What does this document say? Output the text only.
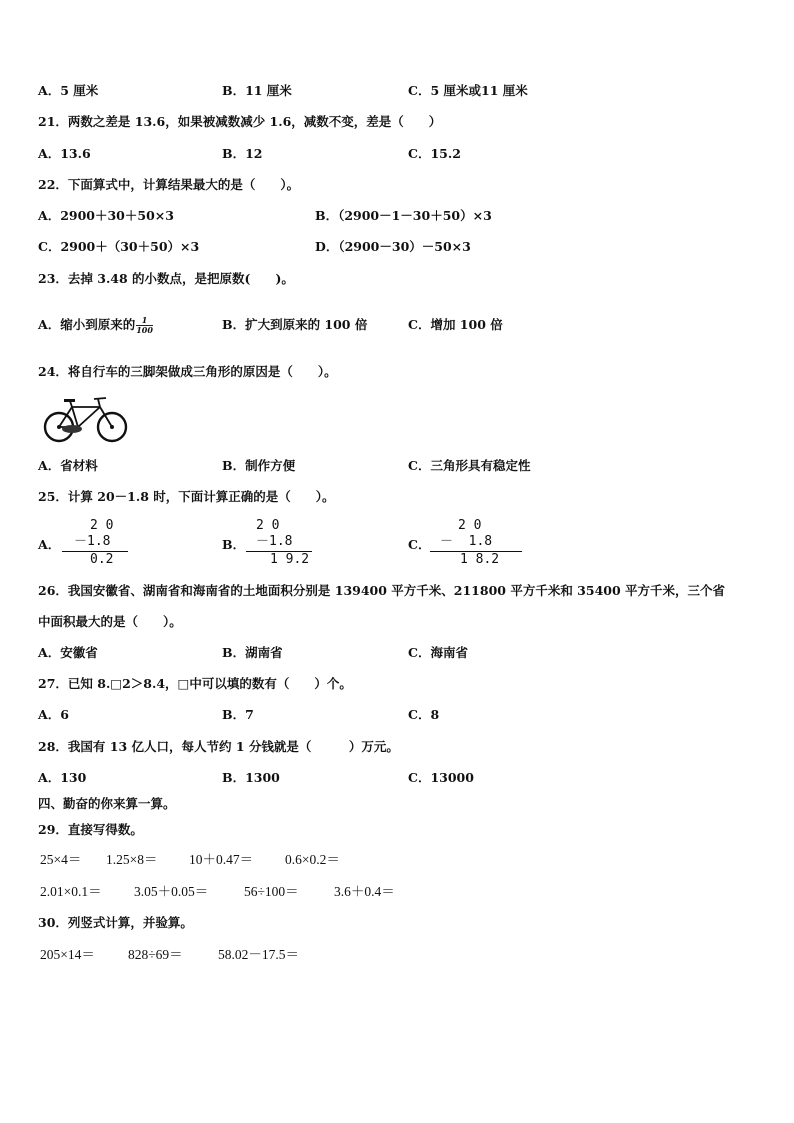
A．5 厘米	B．11 厘米	C．5 厘米或11 厘米
21．两数之差是 13.6，如果被减数减少 1.6，减数不变，差是（　　）
A．13.6	B．12	C．15.2
22．下面算式中，计算结果最大的是（　　）。
A．2900＋30＋50×3	B．（2900－1－30＋50）×3
C．2900＋（30＋50）×3	D．（2900－30）－50×3
23．去掉 3.48 的小数点，是把原数(　　)。
A．缩小到原来的 $\frac{1}{100}$	B．扩大到原来的 100 倍	C．增加 100 倍
24．将自行车的三脚架做成三角形的原因是（　　）。
A．省材料	B．制作方便	C．三角形具有稳定性
25．计算 20－1.8 时，下面计算正确的是（　　）。
A．
2 0
－1.8
0.2
B．
2 0
－1.8
1 9.2
C．
2 0
－  1.8
1 8.2
26．我国安徽省、湖南省和海南省的土地面积分别是 139400 平方千米、211800 平方千米和 35400 平方千米，三个省
中面积最大的是（　　）。
A．安徽省	B．湖南省	C．海南省
27．已知 8.□2＞8.4，□中可以填的数有（　　）个。
A．6	B．7	C．8
28．我国有 13 亿人口，每人节约 1 分钱就是（　　　）万元。
A．130	B．1300	C．13000
四、勤奋的你来算一算。
29．直接写得数。
25×4＝ 1.25×8＝ 10＋0.47＝ 0.6×0.2＝
2.01×0.1＝ 3.05＋0.05＝	56÷100＝	3.6＋0.4＝
30．列竖式计算，并验算。
205×14＝ 828÷69＝	58.02－17.5＝
